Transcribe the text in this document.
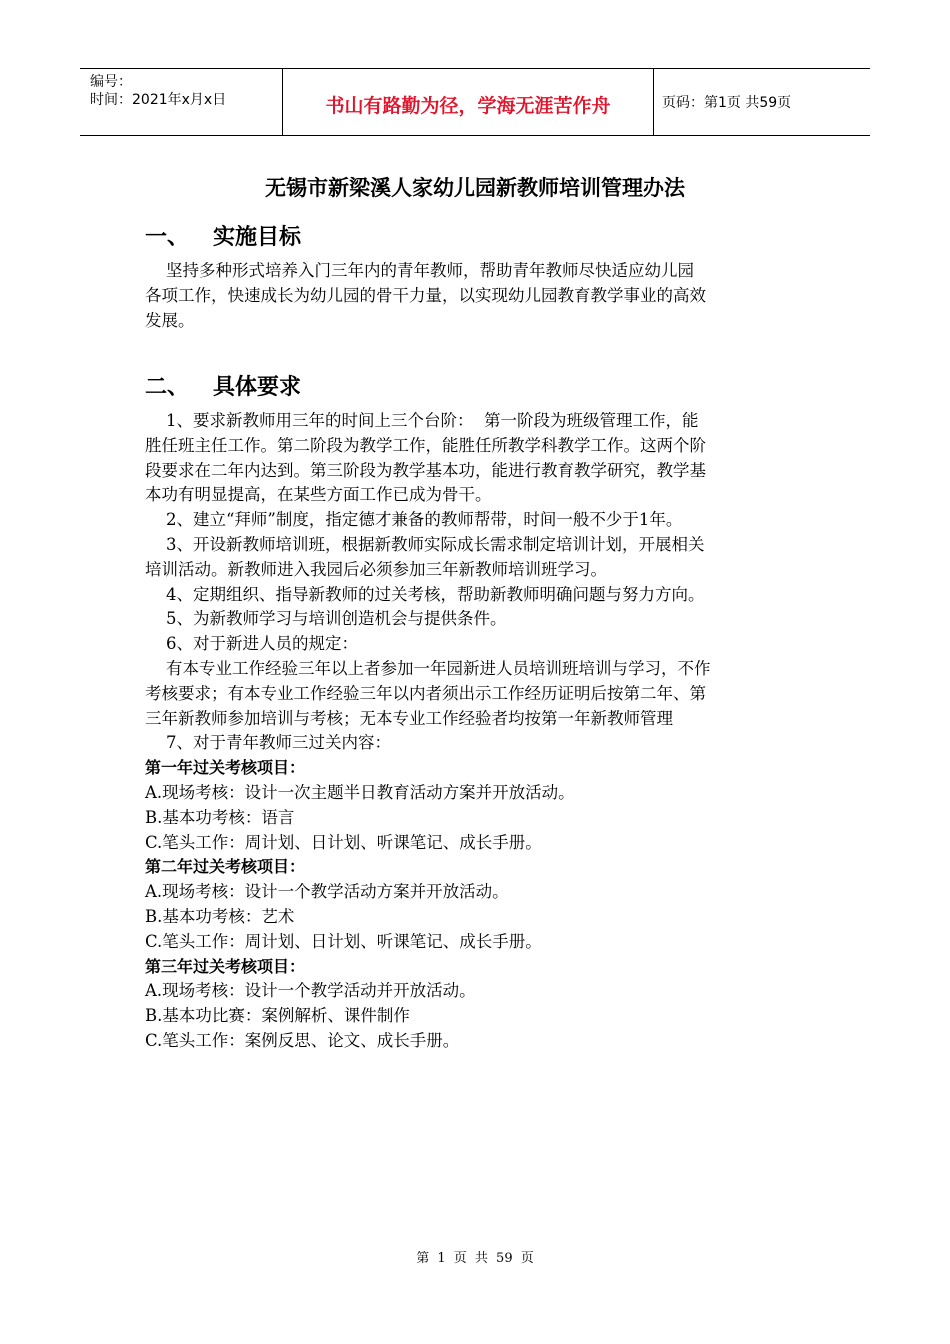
编号：
时间：2021年x月x日	书山有路勤为径，学海无涯苦作舟	页码：第1页 共59页
无锡市新梁溪人家幼儿园新教师培训管理办法
一、 实施目标
坚持多种形式培养入门三年内的青年教师，帮助青年教师尽快适应幼儿园
各项工作，快速成长为幼儿园的骨干力量，以实现幼儿园教育教学事业的高效
发展。
二、 具体要求
1、要求新教师用三年的时间上三个台阶：  第一阶段为班级管理工作，能
胜任班主任工作。第二阶段为教学工作，能胜任所教学科教学工作。这两个阶
段要求在二年内达到。第三阶段为教学基本功，能进行教育教学研究，教学基
本功有明显提高，在某些方面工作已成为骨干。
2、建立“拜师”制度，指定德才兼备的教师帮带，时间一般不少于1年。
3、开设新教师培训班，根据新教师实际成长需求制定培训计划，开展相关
培训活动。新教师进入我园后必须参加三年新教师培训班学习。
4、定期组织、指导新教师的过关考核，帮助新教师明确问题与努力方向。
5、为新教师学习与培训创造机会与提供条件。
6、对于新进人员的规定：
有本专业工作经验三年以上者参加一年园新进人员培训班培训与学习，不作
考核要求；有本专业工作经验三年以内者须出示工作经历证明后按第二年、第
三年新教师参加培训与考核；无本专业工作经验者均按第一年新教师管理
7、对于青年教师三过关内容：
第一年过关考核项目：
A.现场考核：设计一次主题半日教育活动方案并开放活动。
B.基本功考核：语言
C.笔头工作：周计划、日计划、听课笔记、成长手册。
第二年过关考核项目：
A.现场考核：设计一个教学活动方案并开放活动。
B.基本功考核：艺术
C.笔头工作：周计划、日计划、听课笔记、成长手册。
第三年过关考核项目：
A.现场考核：设计一个教学活动并开放活动。
B.基本功比赛：案例解析、课件制作
C.笔头工作：案例反思、论文、成长手册。
第 1 页 共 59 页
